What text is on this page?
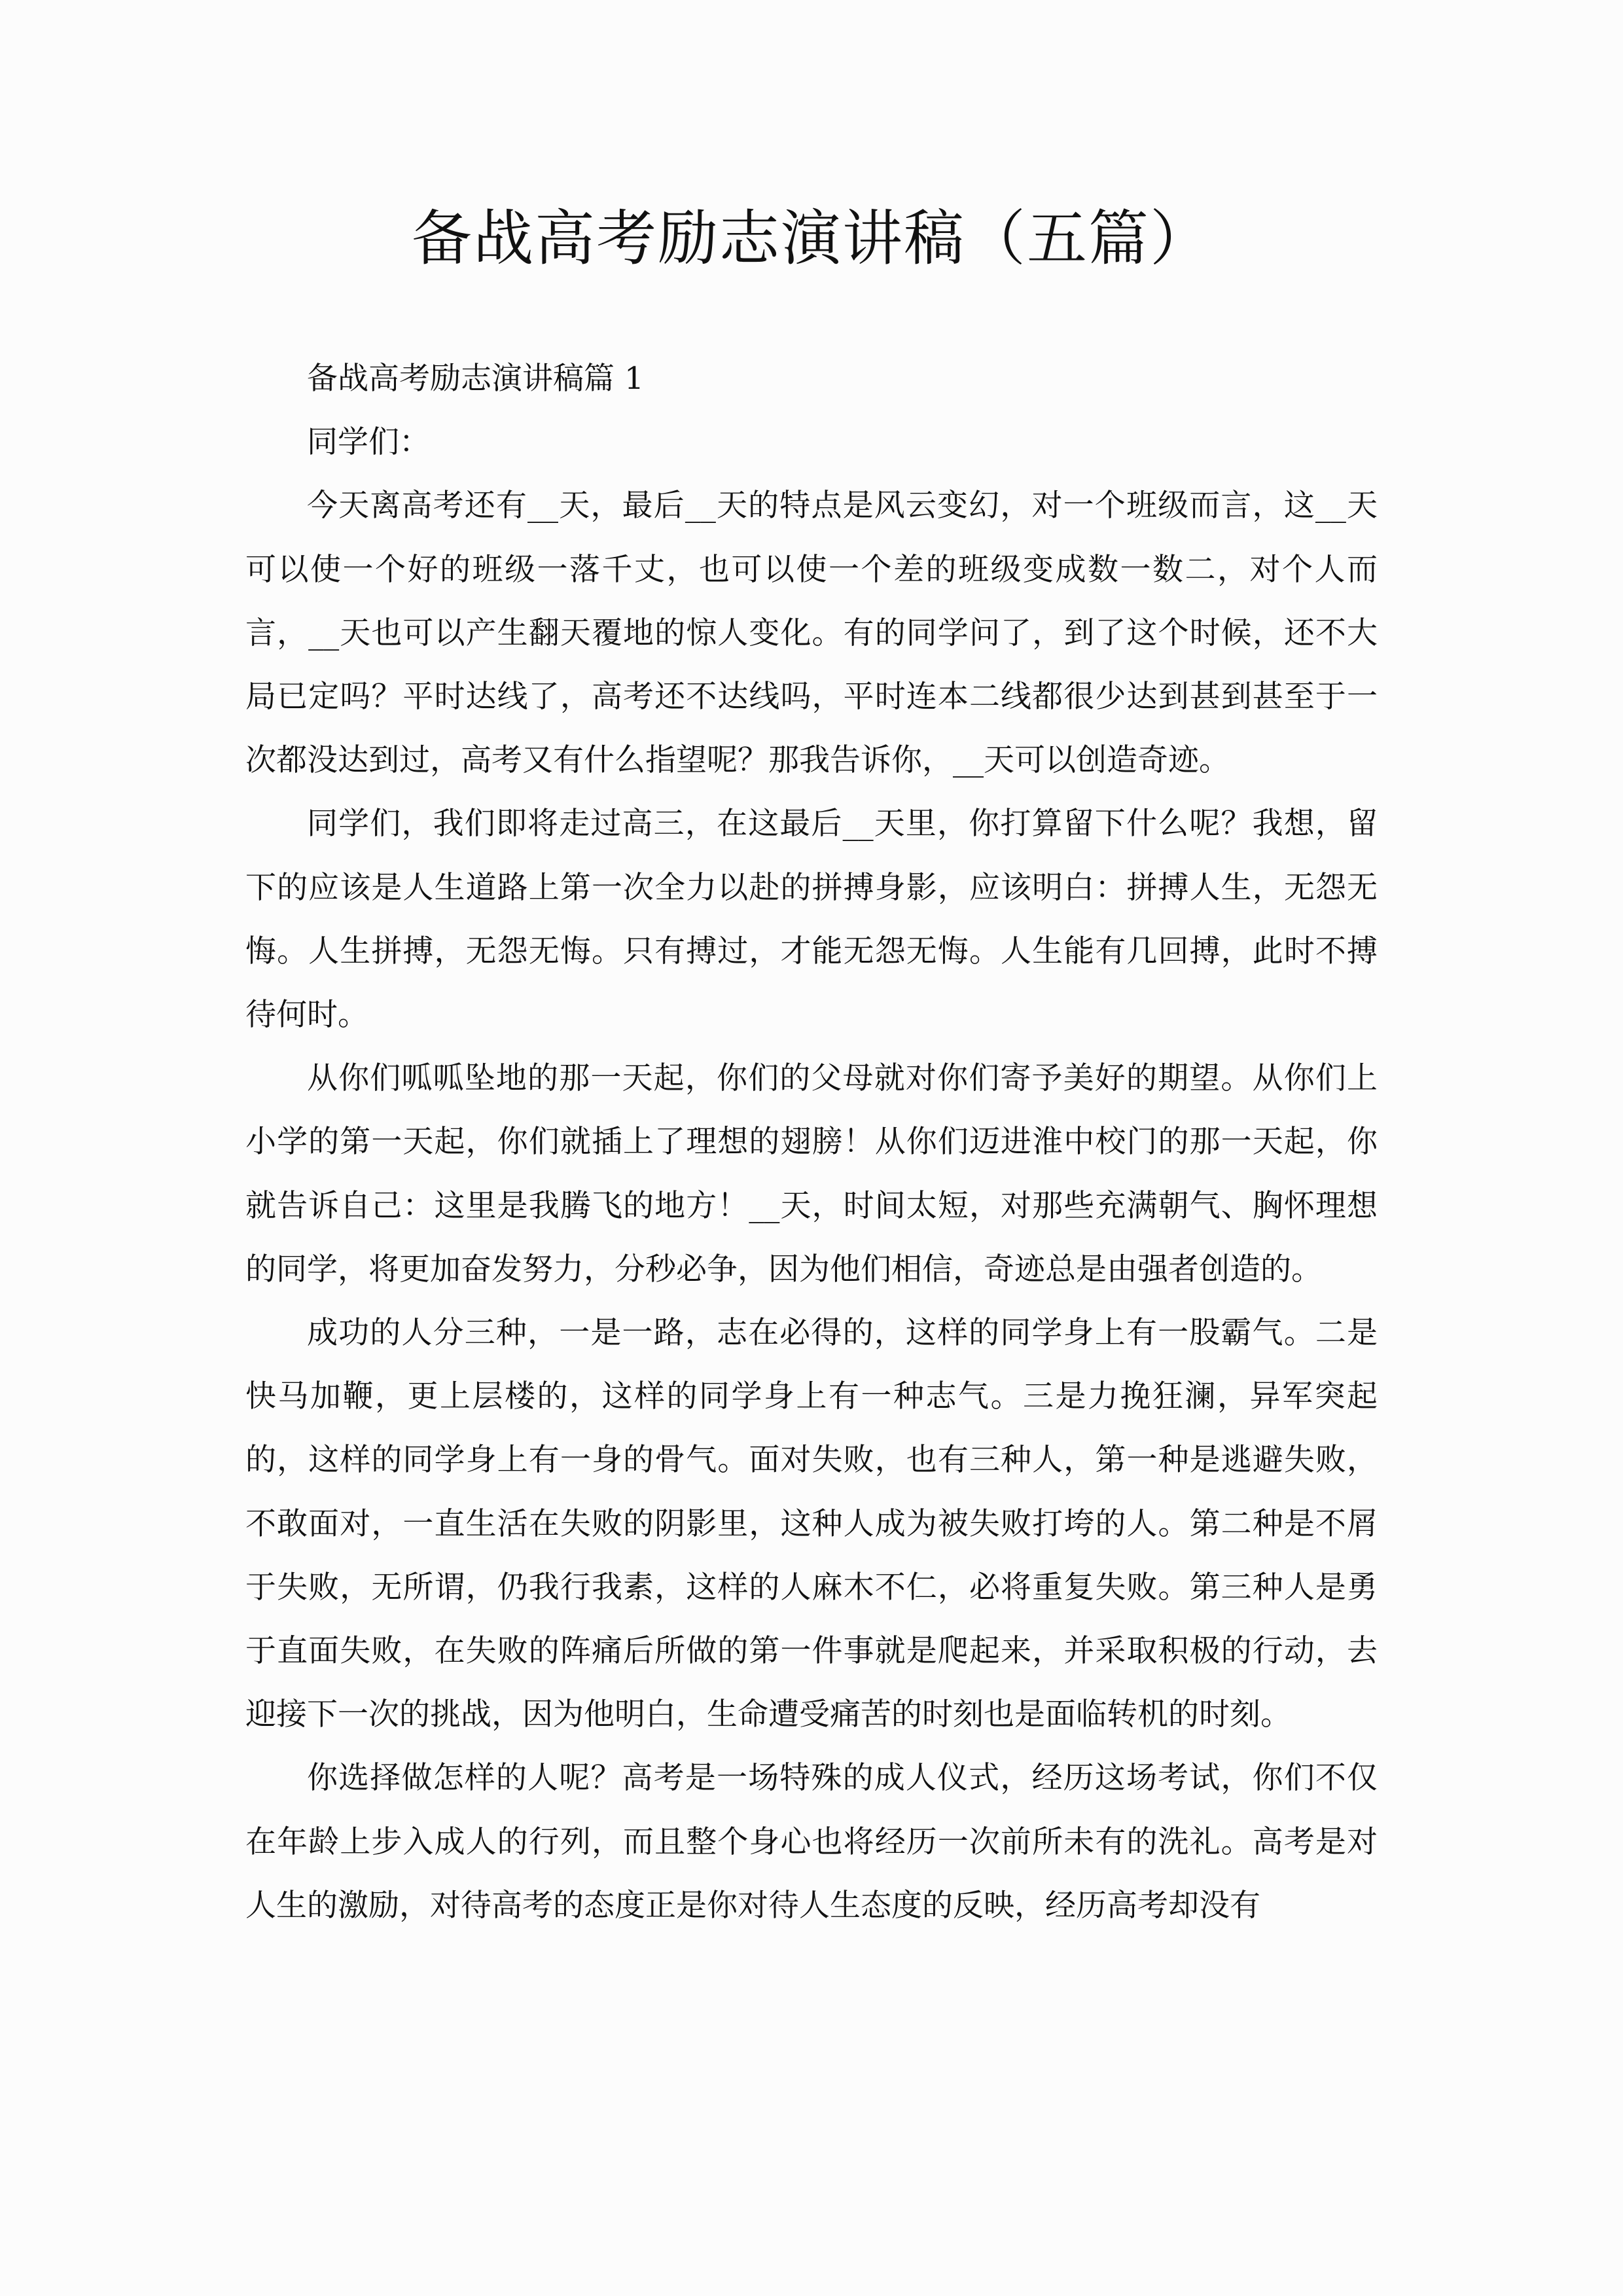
备战高考励志演讲稿（五篇）

备战高考励志演讲稿篇 1

同学们：

今天离高考还有__天，最后__天的特点是风云变幻，对一个班级而言，这__天可以使一个好的班级一落千丈，也可以使一个差的班级变成数一数二，对个人而言，__天也可以产生翻天覆地的惊人变化。有的同学问了，到了这个时候，还不大局已定吗？平时达线了，高考还不达线吗，平时连本二线都很少达到甚到甚至于一次都没达到过，高考又有什么指望呢？那我告诉你，__天可以创造奇迹。

同学们，我们即将走过高三，在这最后__天里，你打算留下什么呢？我想，留下的应该是人生道路上第一次全力以赴的拼搏身影，应该明白：拼搏人生，无怨无悔。人生拼搏，无怨无悔。只有搏过，才能无怨无悔。人生能有几回搏，此时不搏待何时。

从你们呱呱坠地的那一天起，你们的父母就对你们寄予美好的期望。从你们上小学的第一天起，你们就插上了理想的翅膀！从你们迈进淮中校门的那一天起，你就告诉自己：这里是我腾飞的地方！__天，时间太短，对那些充满朝气、胸怀理想的同学，将更加奋发努力，分秒必争，因为他们相信，奇迹总是由强者创造的。

成功的人分三种，一是一路，志在必得的，这样的同学身上有一股霸气。二是快马加鞭，更上层楼的，这样的同学身上有一种志气。三是力挽狂澜，异军突起的，这样的同学身上有一身的骨气。面对失败，也有三种人，第一种是逃避失败，不敢面对，一直生活在失败的阴影里，这种人成为被失败打垮的人。第二种是不屑于失败，无所谓，仍我行我素，这样的人麻木不仁，必将重复失败。第三种人是勇于直面失败，在失败的阵痛后所做的第一件事就是爬起来，并采取积极的行动，去迎接下一次的挑战，因为他明白，生命遭受痛苦的时刻也是面临转机的时刻。

你选择做怎样的人呢？高考是一场特殊的成人仪式，经历这场考试，你们不仅在年龄上步入成人的行列，而且整个身心也将经历一次前所未有的洗礼。高考是对人生的激励，对待高考的态度正是你对待人生态度的反映，经历高考却没有
